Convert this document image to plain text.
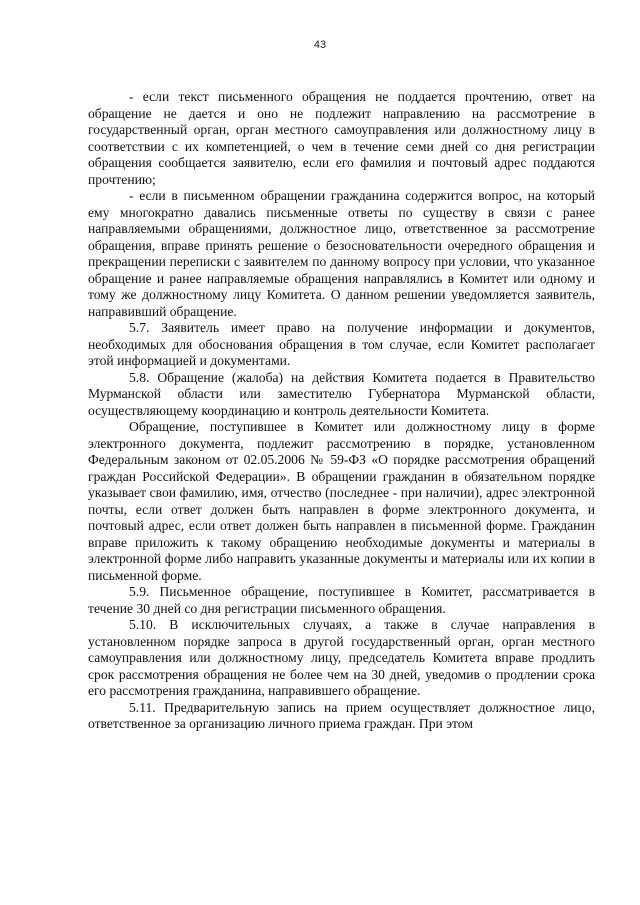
43

- если текст письменного обращения не поддается прочтению, ответ на обращение не дается и оно не подлежит направлению на рассмотрение в государственный орган, орган местного самоуправления или должностному лицу в соответствии с их компетенцией, о чем в течение семи дней со дня регистрации обращения сообщается заявителю, если его фамилия и почтовый адрес поддаются прочтению;

- если в письменном обращении гражданина содержится вопрос, на который ему многократно давались письменные ответы по существу в связи с ранее направляемыми обращениями, должностное лицо, ответственное за рассмотрение обращения, вправе принять решение о безосновательности очередного обращения и прекращении переписки с заявителем по данному вопросу при условии, что указанное обращение и ранее направляемые обращения направлялись в Комитет или одному и тому же должностному лицу Комитета. О данном решении уведомляется заявитель, направивший обращение.

5.7. Заявитель имеет право на получение информации и документов, необходимых для обоснования обращения в том случае, если Комитет располагает этой информацией и документами.

5.8. Обращение (жалоба) на действия Комитета подается в Правительство Мурманской области или заместителю Губернатора Мурманской области, осуществляющему координацию и контроль деятельности Комитета.

Обращение, поступившее в Комитет или должностному лицу в форме электронного документа, подлежит рассмотрению в порядке, установленном Федеральным законом от 02.05.2006 № 59-ФЗ «О порядке рассмотрения обращений граждан Российской Федерации». В обращении гражданин в обязательном порядке указывает свои фамилию, имя, отчество (последнее - при наличии), адрес электронной почты, если ответ должен быть направлен в форме электронного документа, и почтовый адрес, если ответ должен быть направлен в письменной форме. Гражданин вправе приложить к такому обращению необходимые документы и материалы в электронной форме либо направить указанные документы и материалы или их копии в письменной форме.

5.9. Письменное обращение, поступившее в Комитет, рассматривается в течение 30 дней со дня регистрации письменного обращения.

5.10. В исключительных случаях, а также в случае направления в установленном порядке запроса в другой государственный орган, орган местного самоуправления или должностному лицу, председатель Комитета вправе продлить срок рассмотрения обращения не более чем на 30 дней, уведомив о продлении срока его рассмотрения гражданина, направившего обращение.

5.11. Предварительную запись на прием осуществляет должностное лицо, ответственное за организацию личного приема граждан. При этом
